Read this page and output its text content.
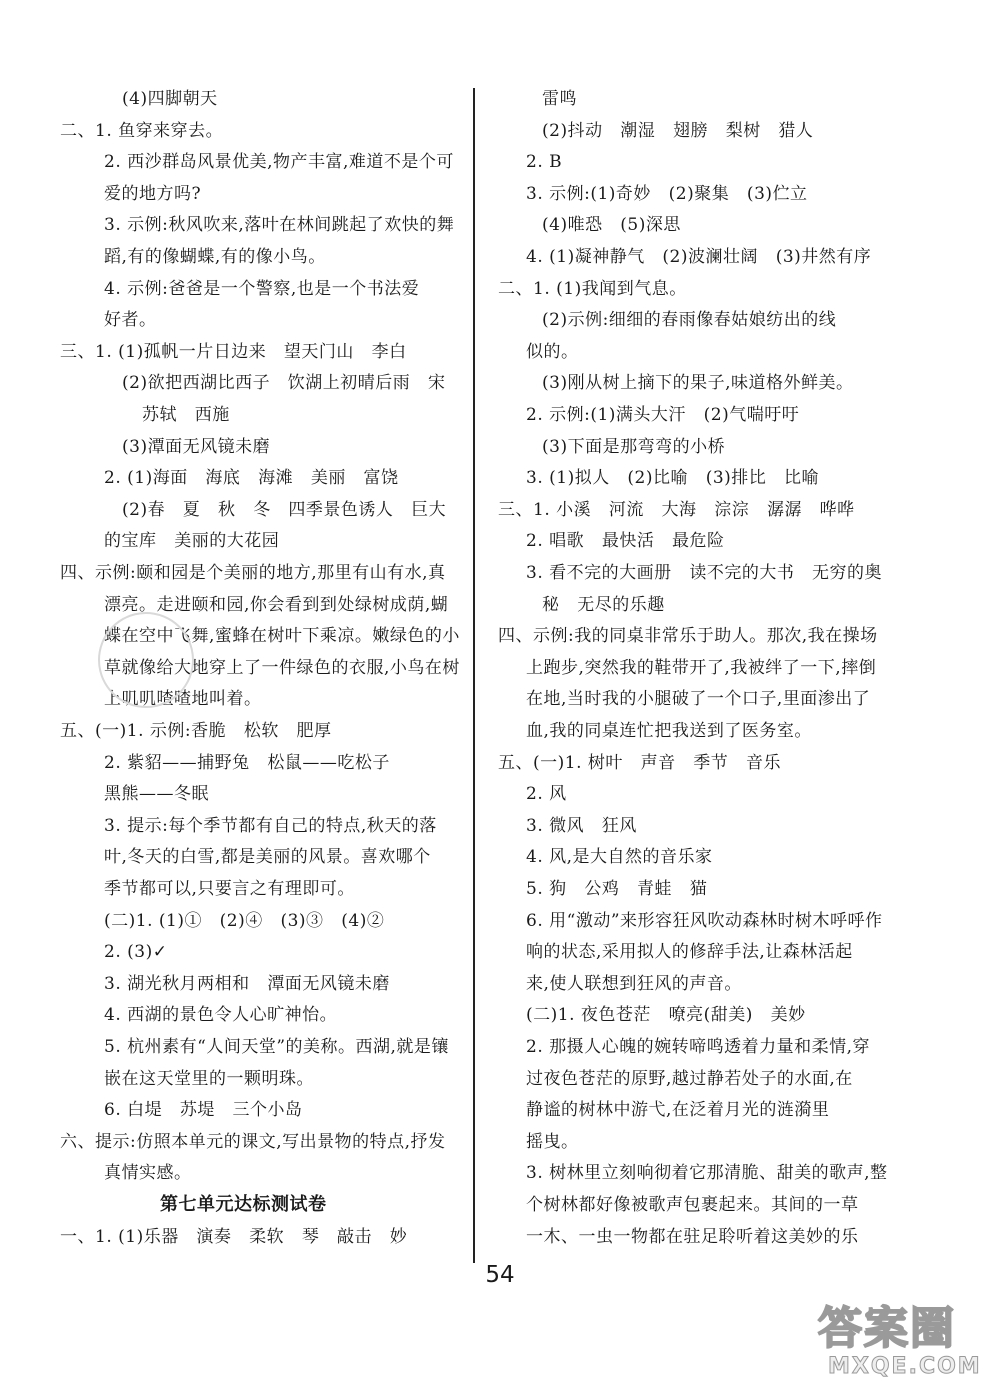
(4)四脚朝天
二、1. 鱼穿来穿去。
2. 西沙群岛风景优美,物产丰富,难道不是个可
爱的地方吗?
3. 示例:秋风吹来,落叶在林间跳起了欢快的舞
蹈,有的像蝴蝶,有的像小鸟。
4. 示例:爸爸是一个警察,也是一个书法爱
好者。
三、1. (1)孤帆一片日边来   望天门山   李白
(2)欲把西湖比西子   饮湖上初晴后雨   宋
苏轼   西施
(3)潭面无风镜未磨
2. (1)海面   海底   海滩   美丽   富饶
(2)春   夏   秋   冬   四季景色诱人   巨大
的宝库   美丽的大花园
四、示例:颐和园是个美丽的地方,那里有山有水,真
漂亮。走进颐和园,你会看到到处绿树成荫,蝴
蝶在空中飞舞,蜜蜂在树叶下乘凉。嫩绿色的小
草就像给大地穿上了一件绿色的衣服,小鸟在树
上叽叽喳喳地叫着。
五、(一)1. 示例:香脆   松软   肥厚
2. 紫貂——捕野兔   松鼠——吃松子
黑熊——冬眠
3. 提示:每个季节都有自己的特点,秋天的落
叶,冬天的白雪,都是美丽的风景。喜欢哪个
季节都可以,只要言之有理即可。
(二)1. (1)①   (2)④   (3)③   (4)②
2. (3)✓
3. 湖光秋月两相和   潭面无风镜未磨
4. 西湖的景色令人心旷神怡。
5. 杭州素有“人间天堂”的美称。西湖,就是镶
嵌在这天堂里的一颗明珠。
6. 白堤   苏堤   三个小岛
六、提示:仿照本单元的课文,写出景物的特点,抒发
真情实感。
第七单元达标测试卷
一、1. (1)乐器   演奏   柔软   琴   敲击   妙
雷鸣
(2)抖动   潮湿   翅膀   梨树   猎人
2. B
3. 示例:(1)奇妙   (2)聚集   (3)伫立
(4)唯恐   (5)深思
4. (1)凝神静气   (2)波澜壮阔   (3)井然有序
二、1. (1)我闻到气息。
(2)示例:细细的春雨像春姑娘纺出的线
似的。
(3)刚从树上摘下的果子,味道格外鲜美。
2. 示例:(1)满头大汗   (2)气喘吁吁
(3)下面是那弯弯的小桥
3. (1)拟人   (2)比喻   (3)排比   比喻
三、1. 小溪   河流   大海   淙淙   潺潺   哗哗
2. 唱歌   最快活   最危险
3. 看不完的大画册   读不完的大书   无穷的奥
秘   无尽的乐趣
四、示例:我的同桌非常乐于助人。那次,我在操场
上跑步,突然我的鞋带开了,我被绊了一下,摔倒
在地,当时我的小腿破了一个口子,里面渗出了
血,我的同桌连忙把我送到了医务室。
五、(一)1. 树叶   声音   季节   音乐
2. 风
3. 微风   狂风
4. 风,是大自然的音乐家
5. 狗   公鸡   青蛙   猫
6. 用“激动”来形容狂风吹动森林时树木呼呼作
响的状态,采用拟人的修辞手法,让森林活起
来,使人联想到狂风的声音。
(二)1. 夜色苍茫   嘹亮(甜美)   美妙
2. 那摄人心魄的婉转啼鸣透着力量和柔情,穿
过夜色苍茫的原野,越过静若处子的水面,在
静谧的树林中游弋,在泛着月光的涟漪里
摇曳。
3. 树林里立刻响彻着它那清脆、甜美的歌声,整
个树林都好像被歌声包裹起来。其间的一草
一木、一虫一物都在驻足聆听着这美妙的乐
54
答案圈
MXQE.COM
